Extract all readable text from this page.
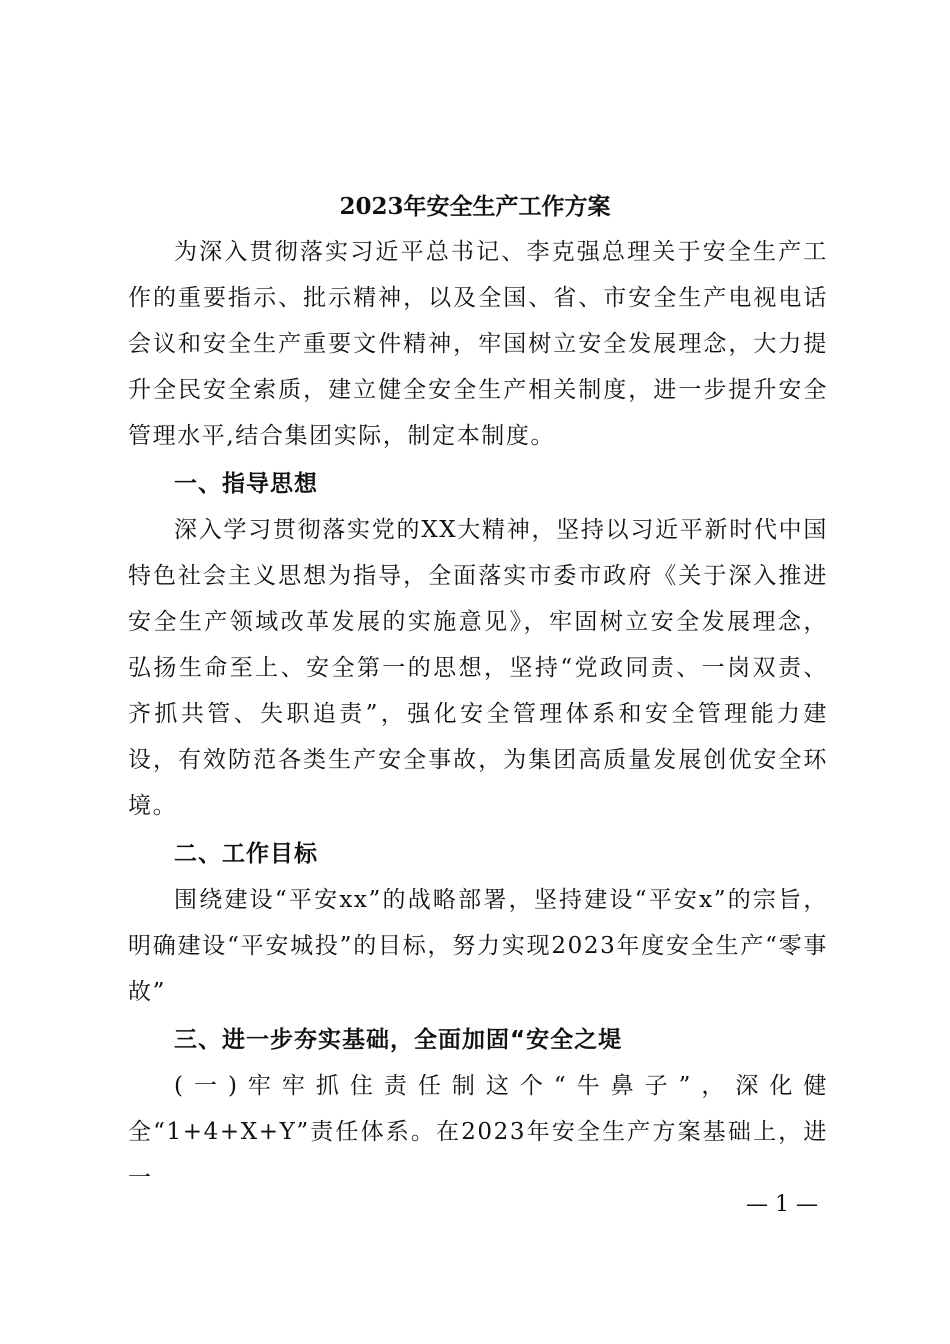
2023年安全生产工作方案

为深入贯彻落实习近平总书记、李克强总理关于安全生产工作的重要指示、批示精神，以及全国、省、市安全生产电视电话会议和安全生产重要文件精神，牢国树立安全发展理念，大力提升全民安全索质，建立健全安全生产相关制度，进一步提升安全管理水平,结合集团实际，制定本制度。

一、指导思想

深入学习贯彻落实党的XX大精神，坚持以习近平新时代中国特色社会主义思想为指导，全面落实市委市政府《关于深入推进安全生产领域改革发展的实施意见》，牢固树立安全发展理念，弘扬生命至上、安全第一的思想，坚持“党政同责、一岗双责、齐抓共管、失职追责”，强化安全管理体系和安全管理能力建设，有效防范各类生产安全事故，为集团高质量发展创优安全环境。

二、工作目标

围绕建设“平安xx”的战略部署，坚持建设“平安x”的宗旨，明确建设“平安城投”的目标，努力实现2023年度安全生产“零事故”

三、进一步夯实基础，全面加固“安全之堤

(一)牢牢抓住责任制这个“牛鼻子”，深化健全“1+4+X+Y”责任体系。在2023年安全生产方案基础上，进一

— 1 —
